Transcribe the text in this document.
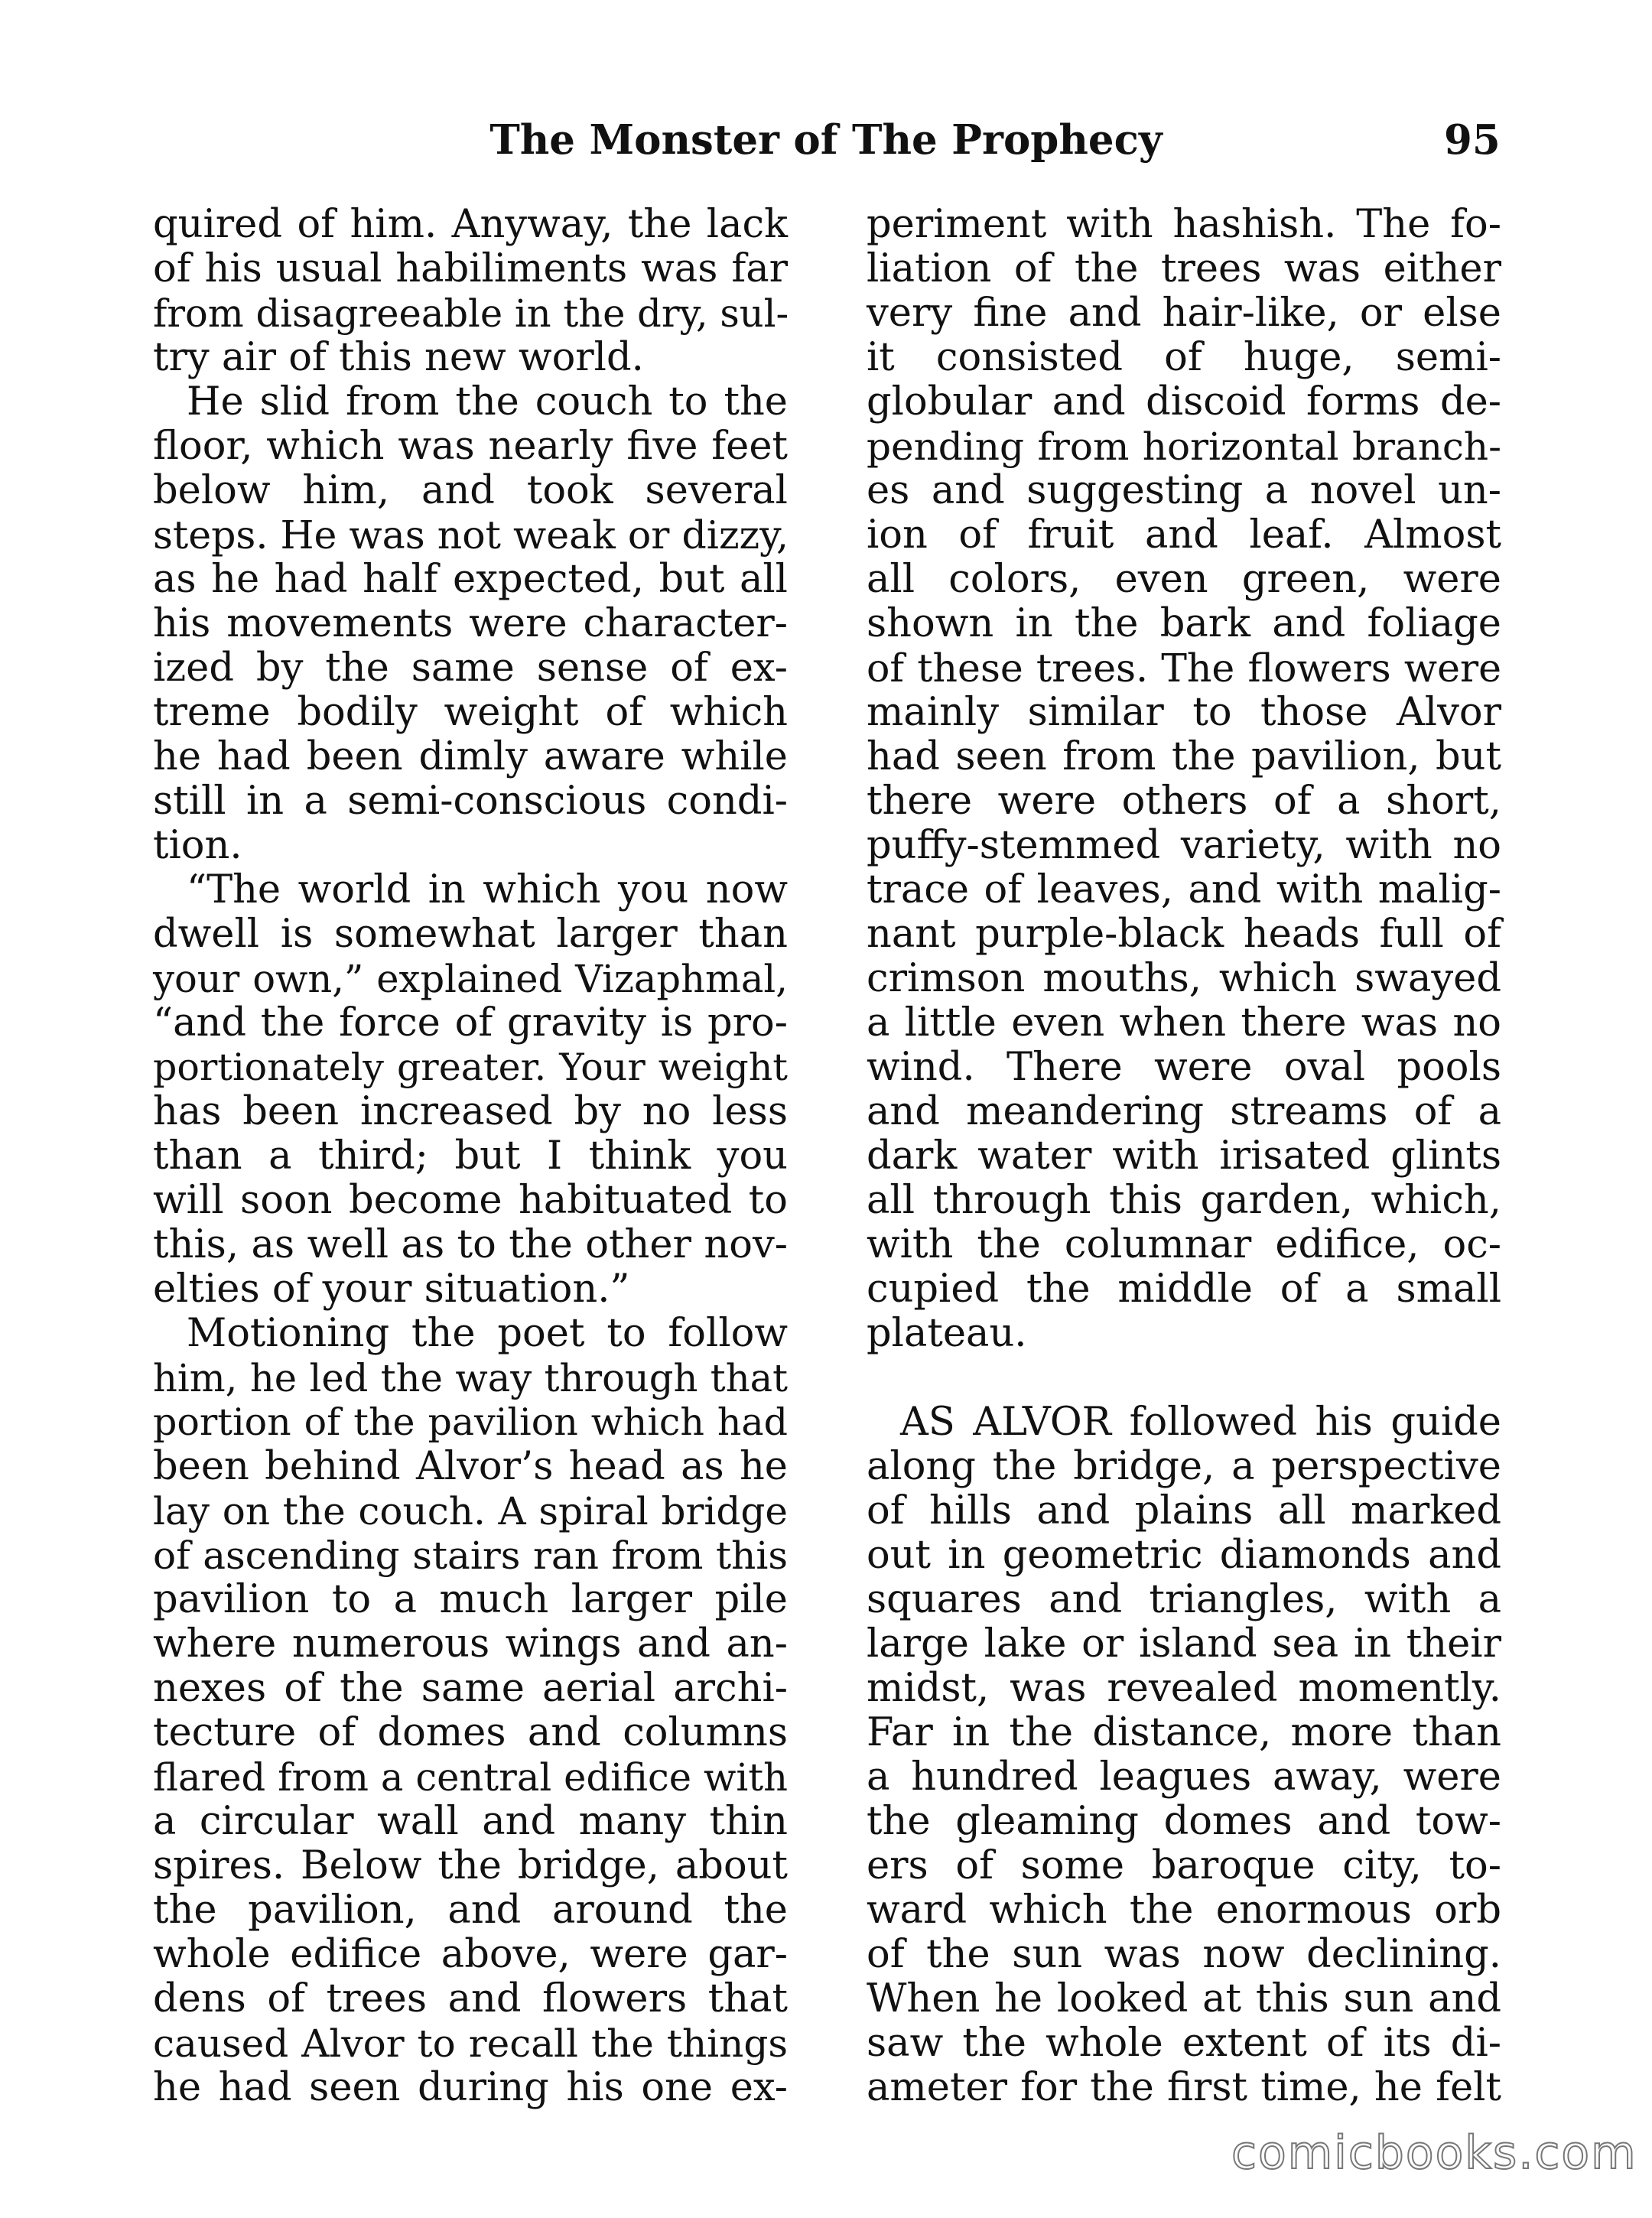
The Monster of The Prophecy	95
quired of him. Anyway, the lack
of his usual habiliments was far
from disagreeable in the dry, sul-
try air of this new world.
He slid from the couch to the
floor, which was nearly five feet
below him, and took several
steps. He was not weak or dizzy,
as he had half expected, but all
his movements were character-
ized by the same sense of ex-
treme bodily weight of which
he had been dimly aware while
still in a semi-conscious condi-
tion.
“The world in which you now
dwell is somewhat larger than
your own,” explained Vizaphmal,
“and the force of gravity is pro-
portionately greater. Your weight
has been increased by no less
than a third; but I think you
will soon become habituated to
this, as well as to the other nov-
elties of your situation.”
Motioning the poet to follow
him, he led the way through that
portion of the pavilion which had
been behind Alvor’s head as he
lay on the couch. A spiral bridge
of ascending stairs ran from this
pavilion to a much larger pile
where numerous wings and an-
nexes of the same aerial archi-
tecture of domes and columns
flared from a central edifice with
a circular wall and many thin
spires. Below the bridge, about
the pavilion, and around the
whole edifice above, were gar-
dens of trees and flowers that
caused Alvor to recall the things
he had seen during his one ex-
periment with hashish. The fo-
liation of the trees was either
very fine and hair-like, or else
it consisted of huge, semi-
globular and discoid forms de-
pending from horizontal branch-
es and suggesting a novel un-
ion of fruit and leaf. Almost
all colors, even green, were
shown in the bark and foliage
of these trees. The flowers were
mainly similar to those Alvor
had seen from the pavilion, but
there were others of a short,
puffy-stemmed variety, with no
trace of leaves, and with malig-
nant purple-black heads full of
crimson mouths, which swayed
a little even when there was no
wind. There were oval pools
and meandering streams of a
dark water with irisated glints
all through this garden, which,
with the columnar edifice, oc-
cupied the middle of a small
plateau.
AS ALVOR followed his guide
along the bridge, a perspective
of hills and plains all marked
out in geometric diamonds and
squares and triangles, with a
large lake or island sea in their
midst, was revealed momently.
Far in the distance, more than
a hundred leagues away, were
the gleaming domes and tow-
ers of some baroque city, to-
ward which the enormous orb
of the sun was now declining.
When he looked at this sun and
saw the whole extent of its di-
ameter for the first time, he felt
comicbooks.com
